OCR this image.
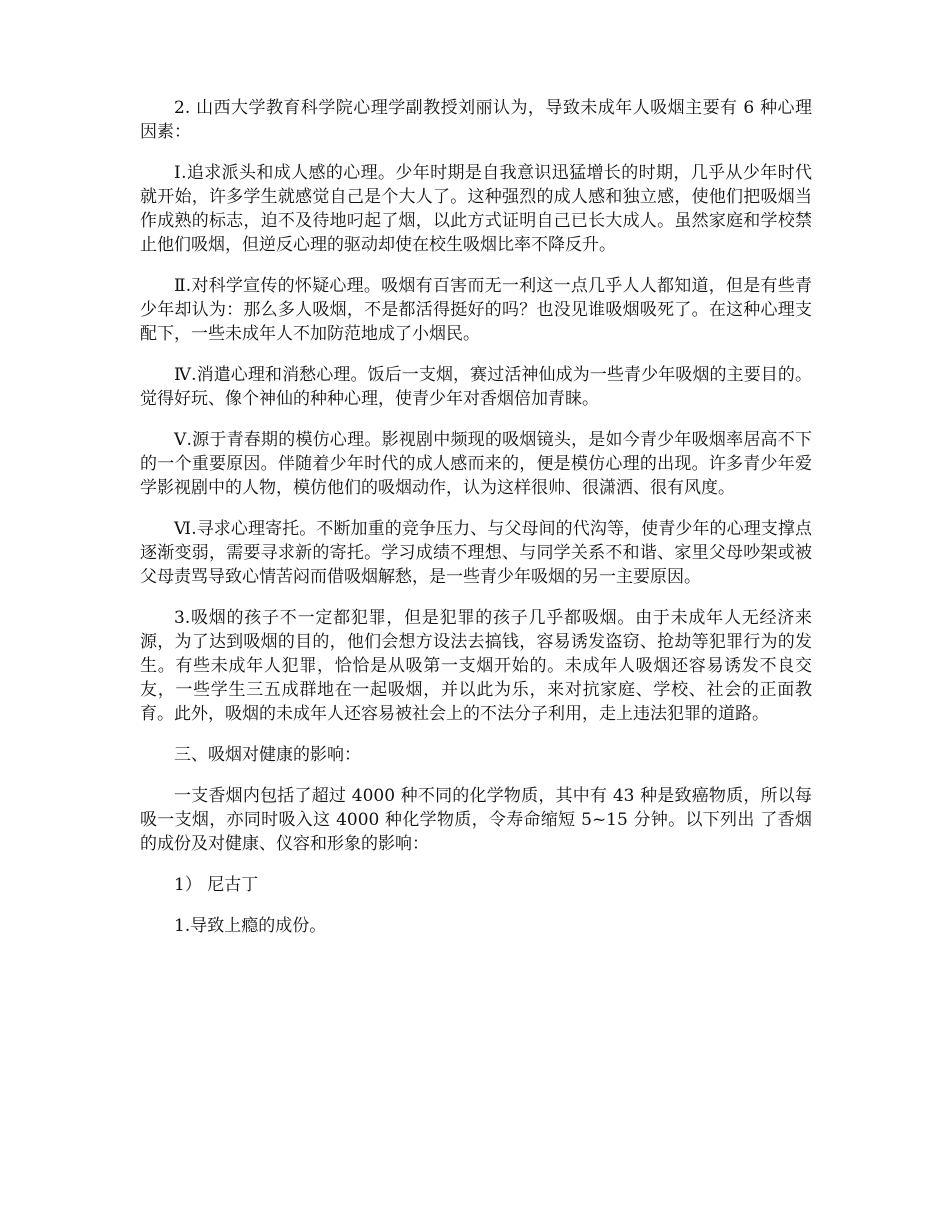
2. 山西大学教育科学院心理学副教授刘丽认为，导致未成年人吸烟主要有 6 种心理因素：

Ⅰ.追求派头和成人感的心理。少年时期是自我意识迅猛增长的时期，几乎从少年时代就开始，许多学生就感觉自己是个大人了。这种强烈的成人感和独立感，使他们把吸烟当作成熟的标志，迫不及待地叼起了烟，以此方式证明自己已长大成人。虽然家庭和学校禁止他们吸烟，但逆反心理的驱动却使在校生吸烟比率不降反升。

Ⅱ.对科学宣传的怀疑心理。吸烟有百害而无一利这一点几乎人人都知道，但是有些青少年却认为：那么多人吸烟，不是都活得挺好的吗？也没见谁吸烟吸死了。在这种心理支配下，一些未成年人不加防范地成了小烟民。

Ⅳ.消遣心理和消愁心理。饭后一支烟，赛过活神仙成为一些青少年吸烟的主要目的。觉得好玩、像个神仙的种种心理，使青少年对香烟倍加青睐。

Ⅴ.源于青春期的模仿心理。影视剧中频现的吸烟镜头，是如今青少年吸烟率居高不下的一个重要原因。伴随着少年时代的成人感而来的，便是模仿心理的出现。许多青少年爱学影视剧中的人物，模仿他们的吸烟动作，认为这样很帅、很潇洒、很有风度。

Ⅵ.寻求心理寄托。不断加重的竞争压力、与父母间的代沟等，使青少年的心理支撑点逐渐变弱，需要寻求新的寄托。学习成绩不理想、与同学关系不和谐、家里父母吵架或被父母责骂导致心情苦闷而借吸烟解愁，是一些青少年吸烟的另一主要原因。

3.吸烟的孩子不一定都犯罪，但是犯罪的孩子几乎都吸烟。由于未成年人无经济来源，为了达到吸烟的目的，他们会想方设法去搞钱，容易诱发盗窃、抢劫等犯罪行为的发生。有些未成年人犯罪，恰恰是从吸第一支烟开始的。未成年人吸烟还容易诱发不良交友，一些学生三五成群地在一起吸烟，并以此为乐，来对抗家庭、学校、社会的正面教育。此外，吸烟的未成年人还容易被社会上的不法分子利用，走上违法犯罪的道路。

三、吸烟对健康的影响：

一支香烟内包括了超过 4000 种不同的化学物质，其中有 43 种是致癌物质，所以每吸一支烟，亦同时吸入这 4000 种化学物质，令寿命缩短 5~15 分钟。以下列出 了香烟的成份及对健康、仪容和形象的影响：

1） 尼古丁

1.导致上瘾的成份。
